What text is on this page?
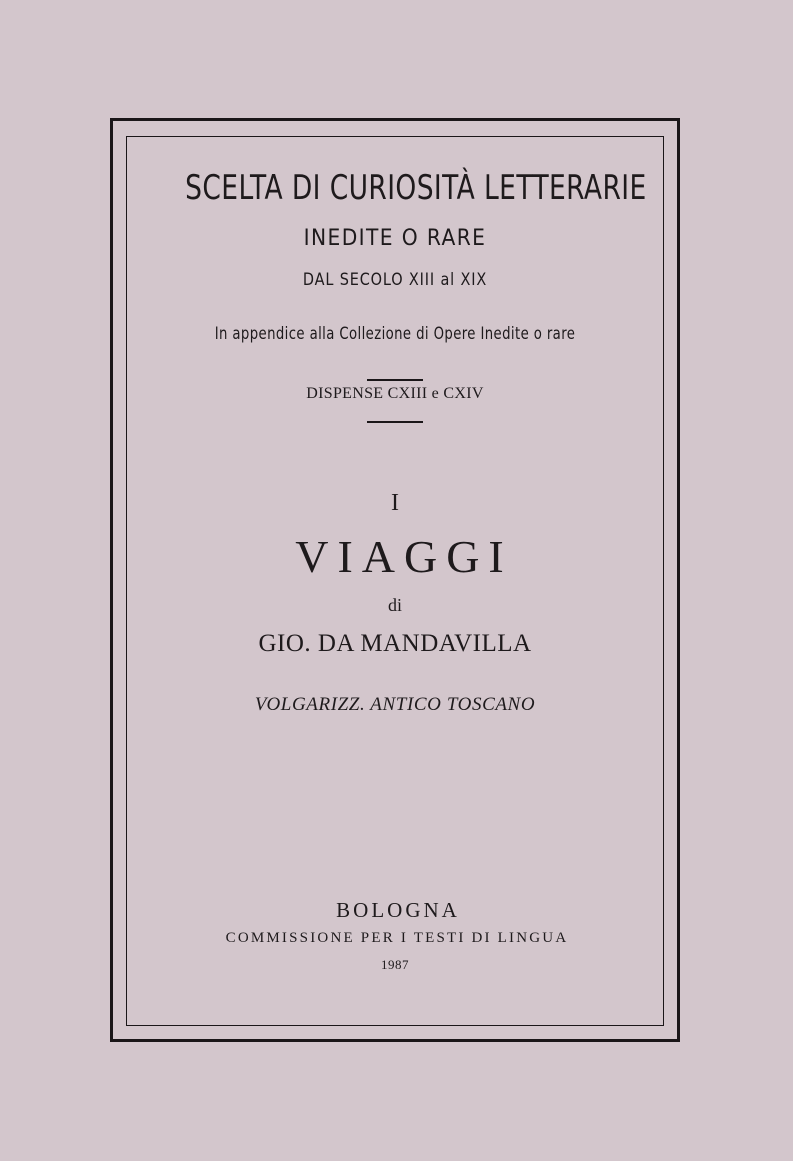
SCELTA DI CURIOSITÀ LETTERARIE
INEDITE O RARE
DAL SECOLO XIII al XIX
In appendice alla Collezione di Opere Inedite o rare
DISPENSE CXIII e CXIV
I
VIAGGI
di
GIO. DA MANDAVILLA
VOLGARIZZ. ANTICO TOSCANO
BOLOGNA
COMMISSIONE PER I TESTI DI LINGUA
1987
